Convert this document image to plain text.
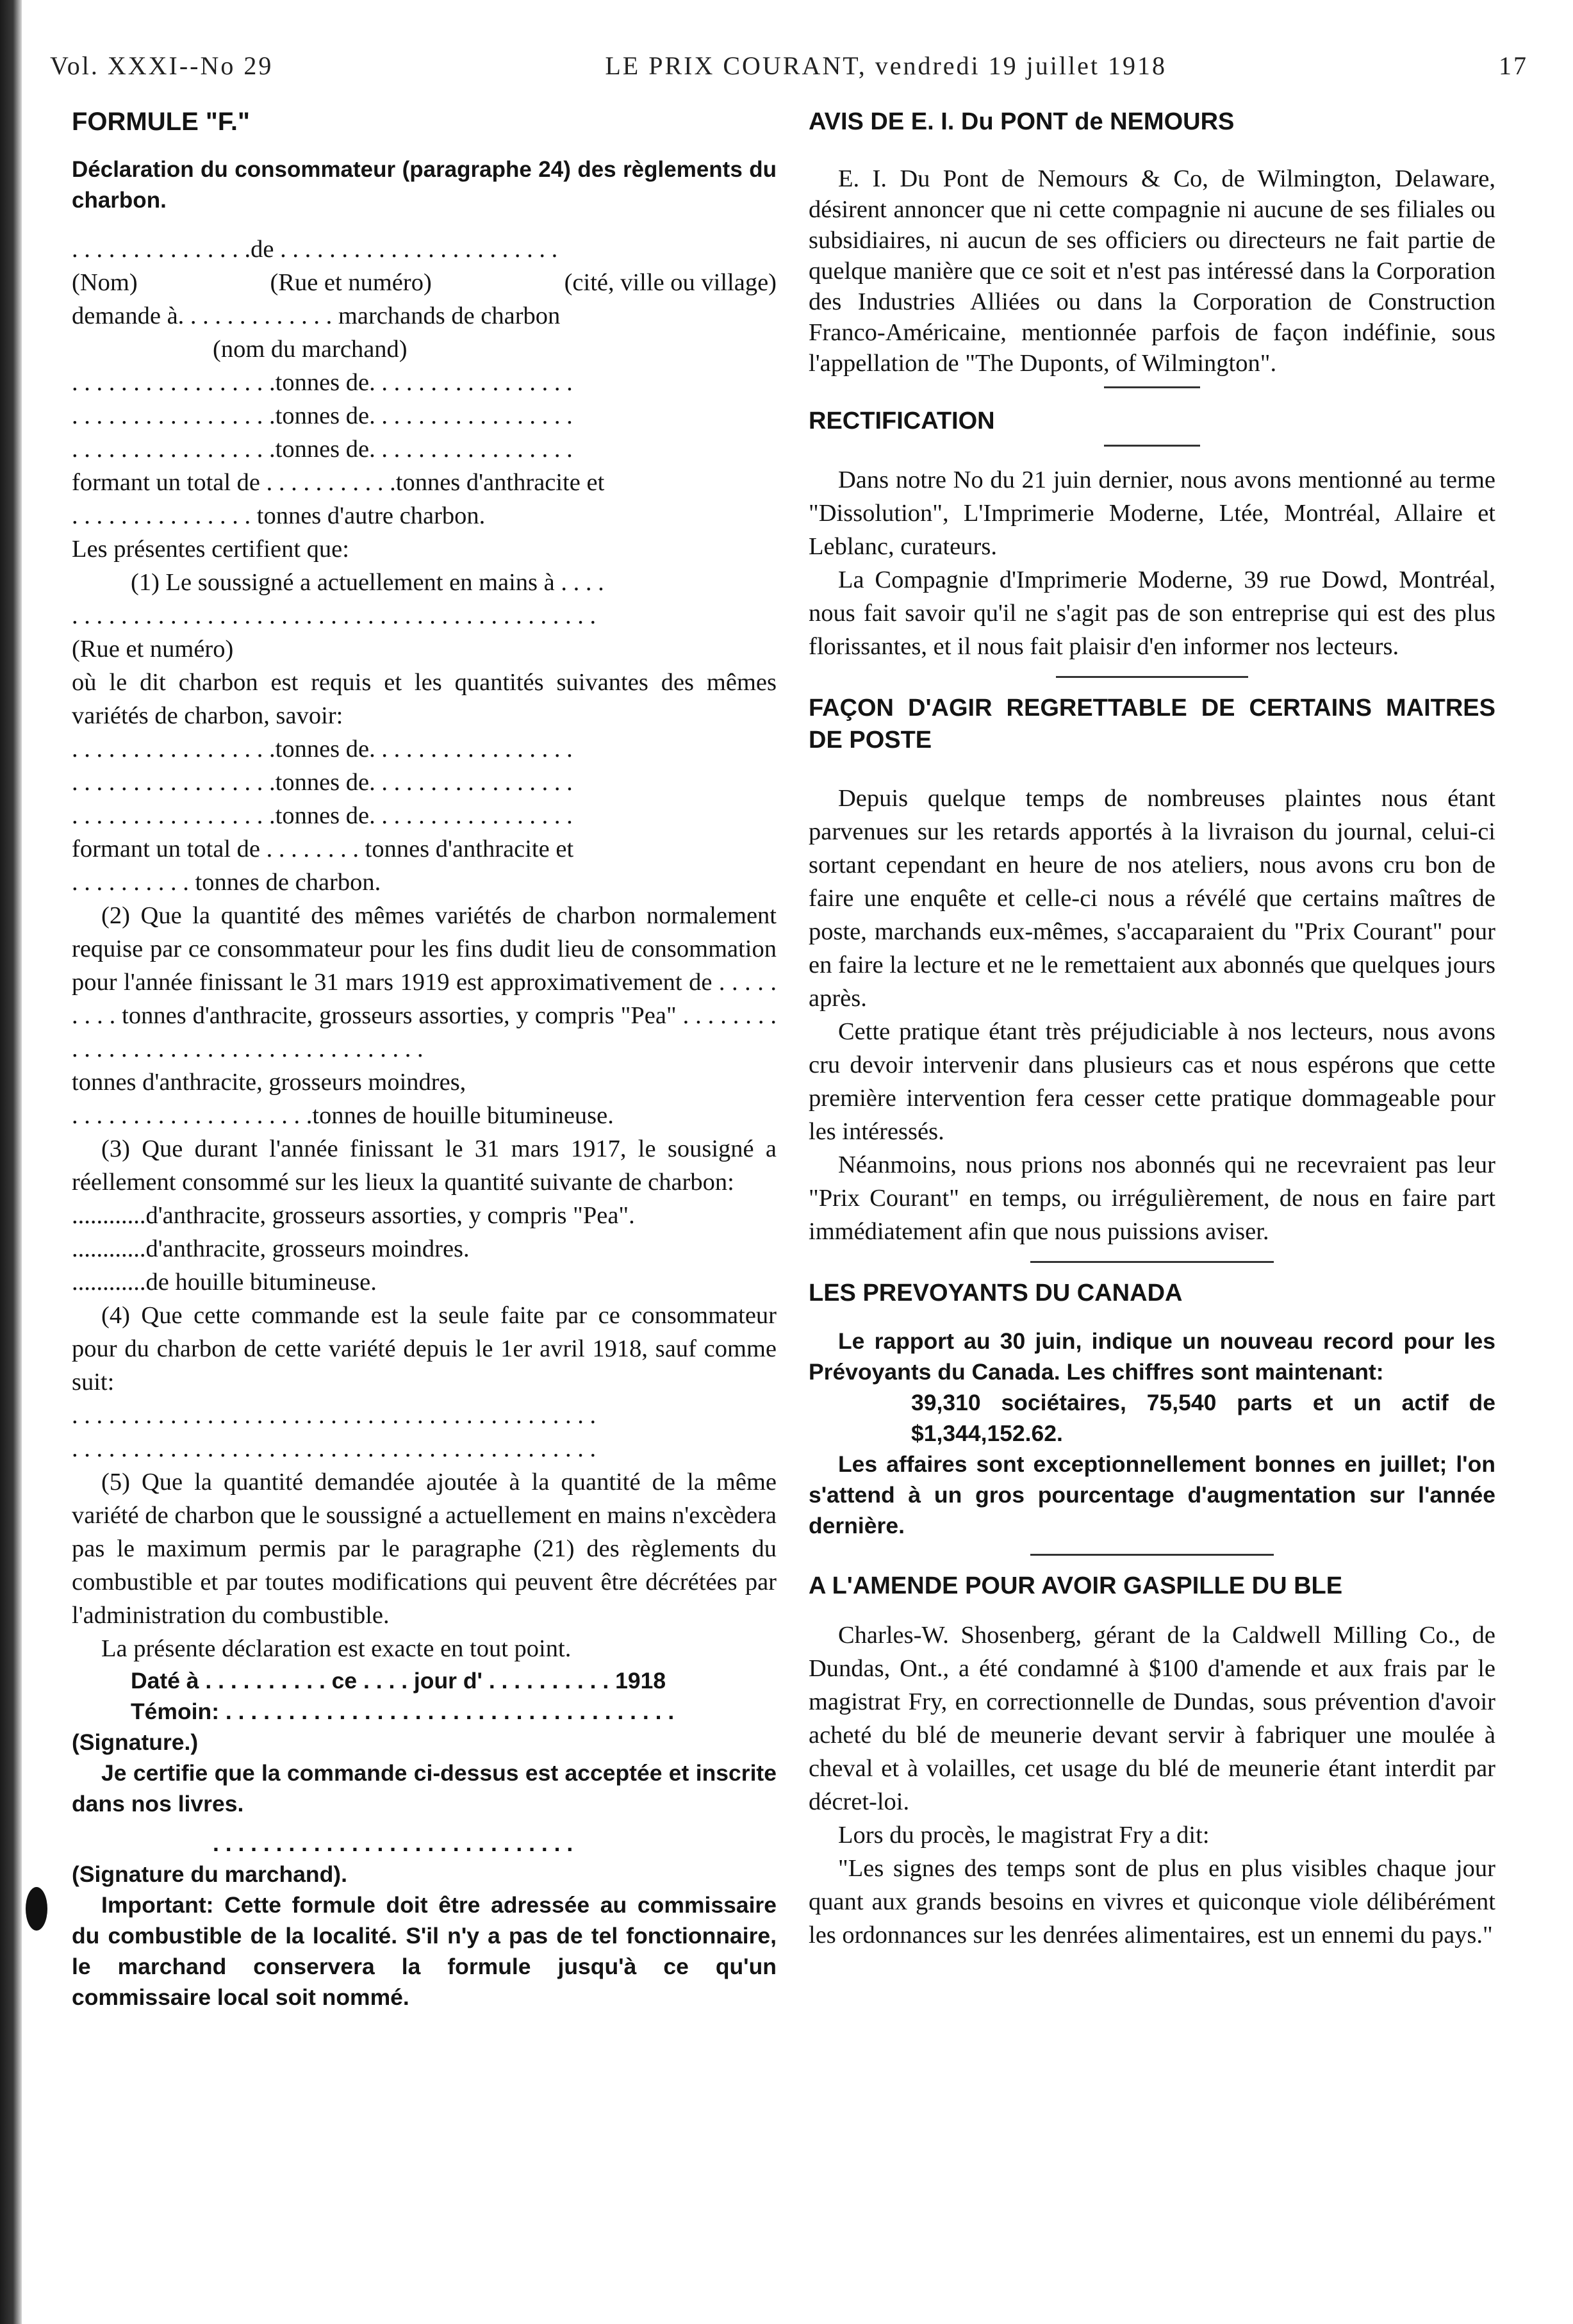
Vol. XXXI--No 29	LE PRIX COURANT, vendredi 19 juillet 1918	17

FORMULE "F."

Déclaration du consommateur (paragraphe 24) des règlements du charbon.

. . . . . . . . . . . . . . .de . . . . . . . . . . . . . . . . . . . . . . .
(Nom)	(Rue et numéro)	(cité, ville ou village)
demande à. . . . . . . . . . . . . marchands de charbon

(nom du marchand)

. . . . . . . . . . . . . . . . .tonnes de. . . . . . . . . . . . . . . . .
. . . . . . . . . . . . . . . . .tonnes de. . . . . . . . . . . . . . . . .
. . . . . . . . . . . . . . . . .tonnes de. . . . . . . . . . . . . . . . .
formant un total de . . . . . . . . . . .tonnes d'anthracite et
. . . . . . . . . . . . . . . tonnes d'autre charbon.
Les présentes certifient que:
(1) Le soussigné a actuellement en mains à . . . .
. . . . . . . . . . . . . . . . . . . . . . . . . . . . . . . . . . . . . . . . . . .

(Rue et numéro)

où le dit charbon est requis et les quantités suivantes des mêmes variétés de charbon, savoir:

. . . . . . . . . . . . . . . . .tonnes de. . . . . . . . . . . . . . . . .
. . . . . . . . . . . . . . . . .tonnes de. . . . . . . . . . . . . . . . .
. . . . . . . . . . . . . . . . .tonnes de. . . . . . . . . . . . . . . . .
formant un total de . . . . . . . . tonnes d'anthracite et
. . . . . . . . . . tonnes de charbon.

(2) Que la quantité des mêmes variétés de charbon normalement requise par ce consommateur pour les fins dudit lieu de consommation pour l'année finissant le 31 mars 1919 est approximativement de . . . . . . . . . tonnes d'anthracite, grosseurs assorties, y compris "Pea" . . . . . . . . . . . . . . . . . . . . . . . . . . . . . . . . . . . . .

tonnes d'anthracite, grosseurs moindres,
. . . . . . . . . . . . . . . . . . . .tonnes de houille bitumineuse.

(3) Que durant l'année finissant le 31 mars 1917, le sousigné a réellement consommé sur les lieux la quantité suivante de charbon:

............d'anthracite, grosseurs assorties, y compris "Pea".

............d'anthracite, grosseurs moindres.
............de houille bitumineuse.

(4) Que cette commande est la seule faite par ce consommateur pour du charbon de cette variété depuis le 1er avril 1918, sauf comme suit:

. . . . . . . . . . . . . . . . . . . . . . . . . . . . . . . . . . . . . . . . . . .
. . . . . . . . . . . . . . . . . . . . . . . . . . . . . . . . . . . . . . . . . . .

(5) Que la quantité demandée ajoutée à la quantité de la même variété de charbon que le soussigné a actuellement en mains n'excèdera pas le maximum permis par le paragraphe (21) des règlements du combustible et par toutes modifications qui peuvent être décrétées par l'administration du combustible.

La présente déclaration est exacte en tout point.

Daté à . . . . . . . . . . ce . . . . jour d' . . . . . . . . . . 1918
Témoin: . . . . . . . . . . . . . . . . . . . . . . . . . . . . . . . . . . . .

(Signature.)

Je certifie que la commande ci-dessus est acceptée et inscrite dans nos livres.

. . . . . . . . . . . . . . . . . . . . . . . . . . . . .

(Signature du marchand).

Important: Cette formule doit être adressée au commissaire du combustible de la localité. S'il n'y a pas de tel fonctionnaire, le marchand conservera la formule jusqu'à ce qu'un commissaire local soit nommé.

AVIS DE E. I. Du PONT de NEMOURS

E. I. Du Pont de Nemours & Co, de Wilmington, Delaware, désirent annoncer que ni cette compagnie ni aucune de ses filiales ou subsidiaires, ni aucun de ses officiers ou directeurs ne fait partie de quelque manière que ce soit et n'est pas intéressé dans la Corporation des Industries Alliées ou dans la Corporation de Construction Franco-Américaine, mentionnée parfois de façon indéfinie, sous l'appellation de "The Duponts, of Wilmington".

RECTIFICATION

Dans notre No du 21 juin dernier, nous avons mentionné au terme "Dissolution", L'Imprimerie Moderne, Ltée, Montréal, Allaire et Leblanc, curateurs.

La Compagnie d'Imprimerie Moderne, 39 rue Dowd, Montréal, nous fait savoir qu'il ne s'agit pas de son entreprise qui est des plus florissantes, et il nous fait plaisir d'en informer nos lecteurs.

FAÇON D'AGIR REGRETTABLE DE CERTAINS MAITRES DE POSTE

Depuis quelque temps de nombreuses plaintes nous étant parvenues sur les retards apportés à la livraison du journal, celui-ci sortant cependant en heure de nos ateliers, nous avons cru bon de faire une enquête et celle-ci nous a révélé que certains maîtres de poste, marchands eux-mêmes, s'accaparaient du "Prix Courant" pour en faire la lecture et ne le remettaient aux abonnés que quelques jours après.

Cette pratique étant très préjudiciable à nos lecteurs, nous avons cru devoir intervenir dans plusieurs cas et nous espérons que cette première intervention fera cesser cette pratique dommageable pour les intéressés.

Néanmoins, nous prions nos abonnés qui ne recevraient pas leur "Prix Courant" en temps, ou irrégulièrement, de nous en faire part immédiatement afin que nous puissions aviser.

LES PREVOYANTS DU CANADA

Le rapport au 30 juin, indique un nouveau record pour les Prévoyants du Canada. Les chiffres sont maintenant:

39,310 sociétaires, 75,540 parts et un actif de $1,344,152.62.

Les affaires sont exceptionnellement bonnes en juillet; l'on s'attend à un gros pourcentage d'augmentation sur l'année dernière.

A L'AMENDE POUR AVOIR GASPILLE DU BLE

Charles-W. Shosenberg, gérant de la Caldwell Milling Co., de Dundas, Ont., a été condamné à $100 d'amende et aux frais par le magistrat Fry, en correctionnelle de Dundas, sous prévention d'avoir acheté du blé de meunerie devant servir à fabriquer une moulée à cheval et à volailles, cet usage du blé de meunerie étant interdit par décret-loi.

Lors du procès, le magistrat Fry a dit:

"Les signes des temps sont de plus en plus visibles chaque jour quant aux grands besoins en vivres et quiconque viole délibérément les ordonnances sur les denrées alimentaires, est un ennemi du pays."
